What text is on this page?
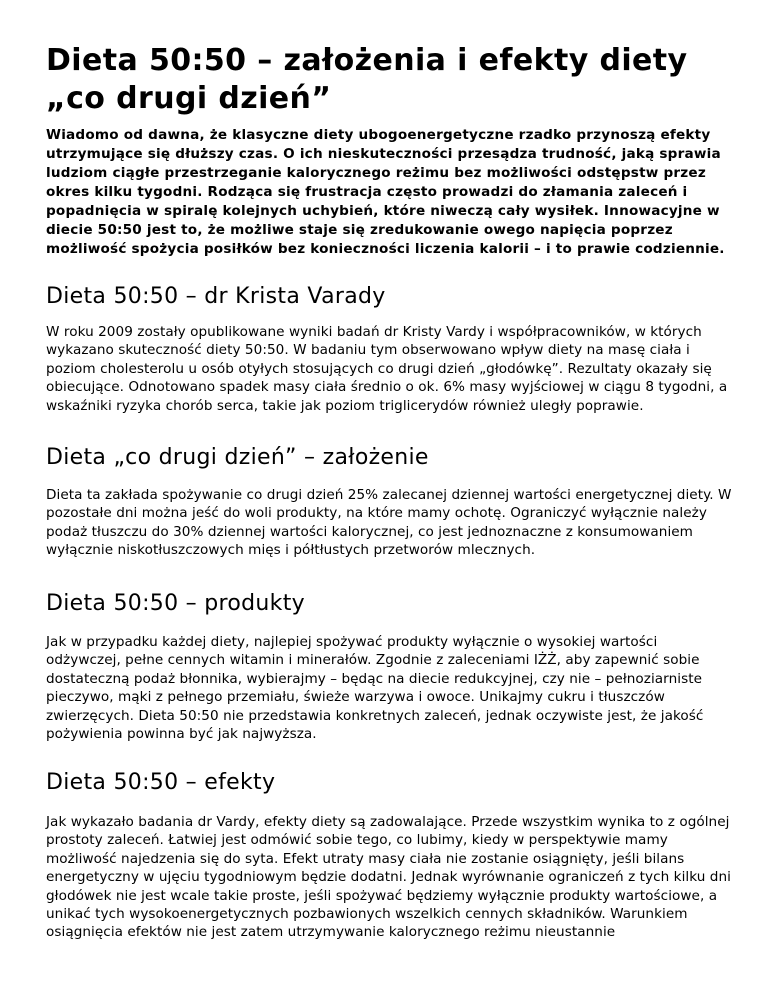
Dieta 50:50 – założenia i efekty diety „co drugi dzień”

Wiadomo od dawna, że klasyczne diety ubogoenergetyczne rzadko przynoszą efekty utrzymujące się dłuższy czas. O ich nieskuteczności przesądza trudność, jaką sprawia ludziom ciągłe przestrzeganie kalorycznego reżimu bez możliwości odstępstw przez okres kilku tygodni. Rodząca się frustracja często prowadzi do złamania zaleceń i popadnięcia w spiralę kolejnych uchybień, które niweczą cały wysiłek. Innowacyjne w diecie 50:50 jest to, że możliwe staje się zredukowanie owego napięcia poprzez możliwość spożycia posiłków bez konieczności liczenia kalorii – i to prawie codziennie.

Dieta 50:50 – dr Krista Varady

W roku 2009 zostały opublikowane wyniki badań dr Kristy Vardy i współpracowników, w których wykazano skuteczność diety 50:50. W badaniu tym obserwowano wpływ diety na masę ciała i poziom cholesterolu u osób otyłych stosujących co drugi dzień „głodówkę”. Rezultaty okazały się obiecujące. Odnotowano spadek masy ciała średnio o ok. 6% masy wyjściowej w ciągu 8 tygodni, a wskaźniki ryzyka chorób serca, takie jak poziom triglicerydów również uległy poprawie.

Dieta „co drugi dzień” – założenie

Dieta ta zakłada spożywanie co drugi dzień 25% zalecanej dziennej wartości energetycznej diety. W pozostałe dni można jeść do woli produkty, na które mamy ochotę. Ograniczyć wyłącznie należy podaż tłuszczu do 30% dziennej wartości kalorycznej, co jest jednoznaczne z konsumowaniem wyłącznie niskotłuszczowych mięs i półtłustych przetworów mlecznych.

Dieta 50:50 – produkty

Jak w przypadku każdej diety, najlepiej spożywać produkty wyłącznie o wysokiej wartości odżywczej, pełne cennych witamin i minerałów. Zgodnie z zaleceniami IŻŻ, aby zapewnić sobie dostateczną podaż błonnika, wybierajmy – będąc na diecie redukcyjnej, czy nie – pełnoziarniste pieczywo, mąki z pełnego przemiału, świeże warzywa i owoce. Unikajmy cukru i tłuszczów zwierzęcych. Dieta 50:50 nie przedstawia konkretnych zaleceń, jednak oczywiste jest, że jakość pożywienia powinna być jak najwyższa.

Dieta 50:50 – efekty

Jak wykazało badania dr Vardy, efekty diety są zadowalające. Przede wszystkim wynika to z ogólnej prostoty zaleceń. Łatwiej jest odmówić sobie tego, co lubimy, kiedy w perspektywie mamy możliwość najedzenia się do syta. Efekt utraty masy ciała nie zostanie osiągnięty, jeśli bilans energetyczny w ujęciu tygodniowym będzie dodatni. Jednak wyrównanie ograniczeń z tych kilku dni głodówek nie jest wcale takie proste, jeśli spożywać będziemy wyłącznie produkty wartościowe, a unikać tych wysokoenergetycznych pozbawionych wszelkich cennych składników. Warunkiem osiągnięcia efektów nie jest zatem utrzymywanie kalorycznego reżimu nieustannie
